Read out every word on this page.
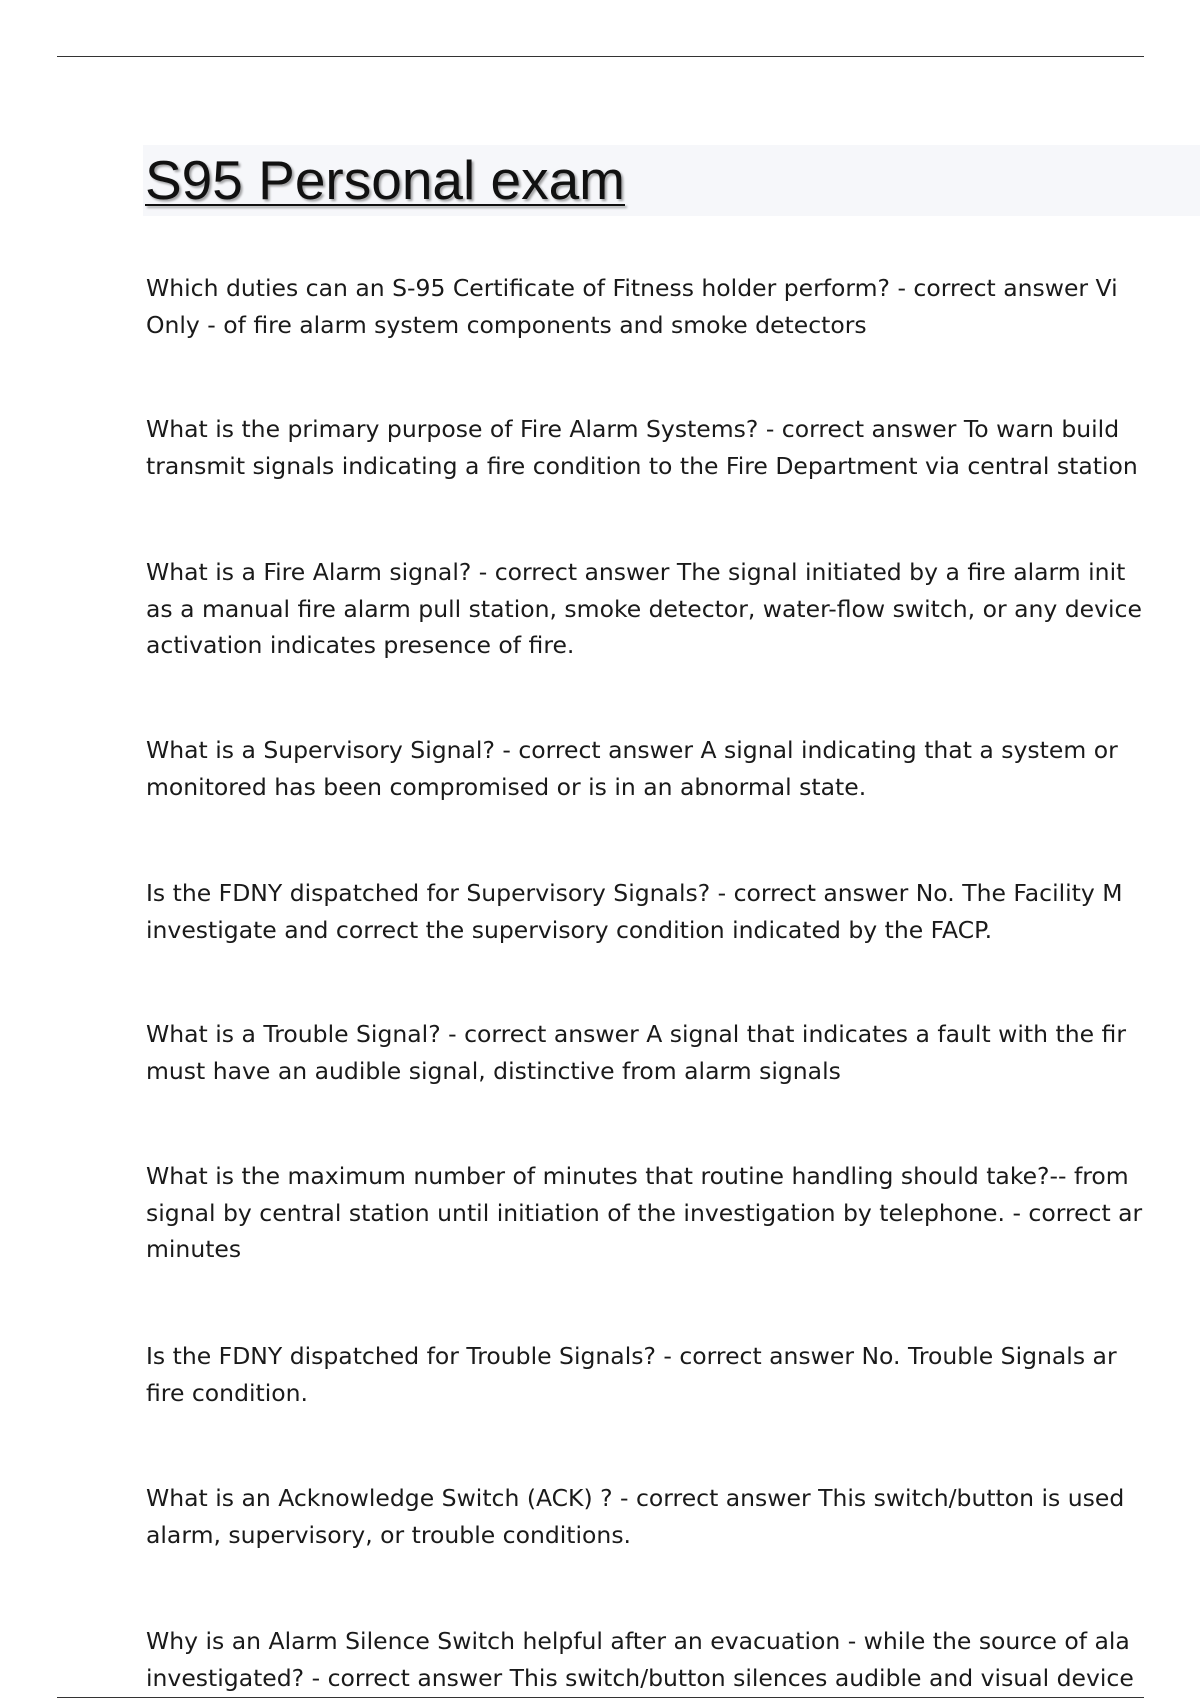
S95 Personal exam

Which duties can an S-95 Certificate of Fitness holder perform? - correct answer Vi
Only - of fire alarm system components and smoke detectors

What is the primary purpose of Fire Alarm Systems? - correct answer To warn build
transmit signals indicating a fire condition to the Fire Department via central station

What is a Fire Alarm signal? - correct answer The signal initiated by a fire alarm init
as a manual fire alarm pull station, smoke detector, water-flow switch, or any device
activation indicates presence of fire.

What is a Supervisory Signal? - correct answer A signal indicating that a system or
monitored has been compromised or is in an abnormal state.

Is the FDNY dispatched for Supervisory Signals? - correct answer No. The Facility M
investigate and correct the supervisory condition indicated by the FACP.

What is a Trouble Signal? - correct answer A signal that indicates a fault with the fir
must have an audible signal, distinctive from alarm signals

What is the maximum number of minutes that routine handling should take?-- from
signal by central station until initiation of the investigation by telephone. - correct ar
minutes

Is the FDNY dispatched for Trouble Signals? - correct answer No. Trouble Signals ar
fire condition.

What is an Acknowledge Switch (ACK) ? - correct answer This switch/button is used
alarm, supervisory, or trouble conditions.

Why is an Alarm Silence Switch helpful after an evacuation - while the source of ala
investigated? - correct answer This switch/button silences audible and visual device
